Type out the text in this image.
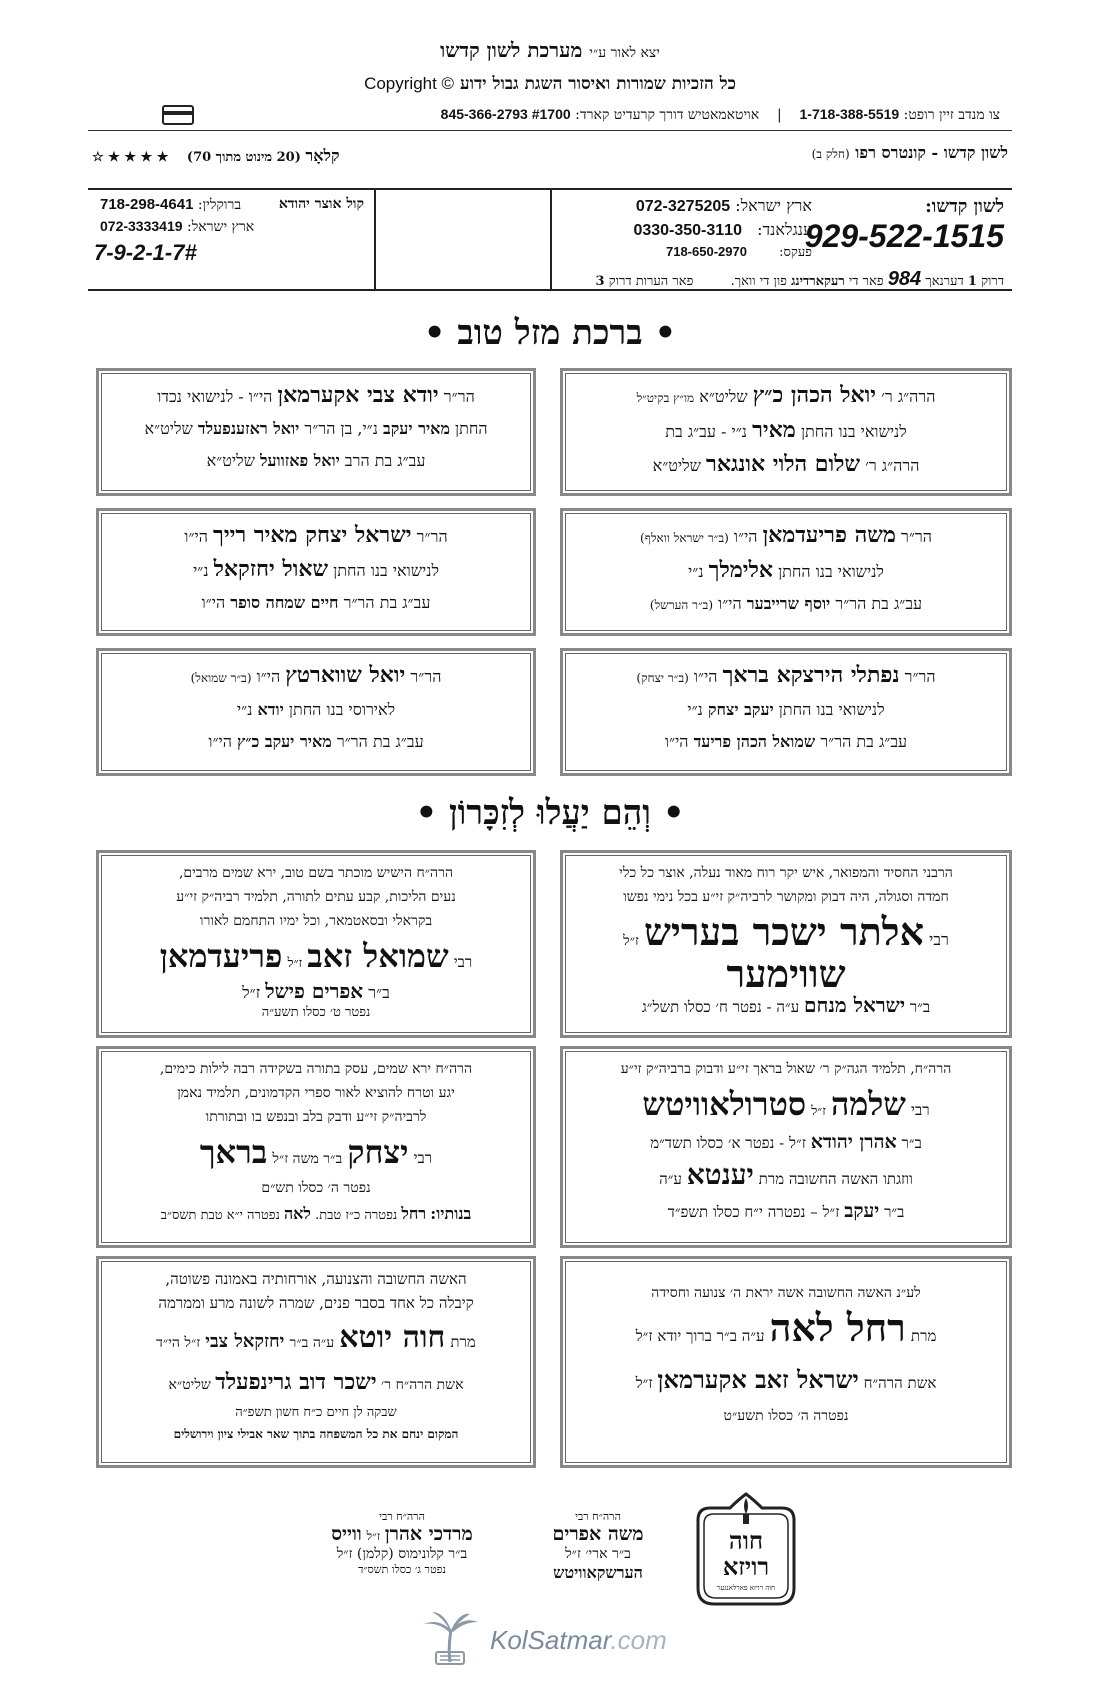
יצא לאור ע״י מערכת לשון קדשו
כל הזכיות שמורות ואיסור השגת גבול ידוע Copyright ©
צו מנדב זיין רופט: 1-718-388-5519    |    אויטאמאטיש דורך קרעדיט קארד: 845-366-2793 #1700
לשון קדשו - קונטרס רפו (חלק ב)
קלאָר (20 מינוט מתוך 70) ★ ★ ★ ★ ☆
לשון קדשו:
929-522-1515
ארץ ישראל: 072-3275205
ענגלאנד: 0330-350-3110
פעקס: 718-650-2970
דרוק 1 דערנאך 984 פאר די רעקארדינג פון די וואך.         פאר הערות דרוק 3
קול אוצר יהודא
ברוקלין: 718-298-4641
ארץ ישראל: 072-3333419
7-9-2-1-7#
• ברכת מזל טוב •
הרה״ג ר׳ יואל הכהן כ״ץ שליט״א מו״ץ בקיט״ל
לנישואי בנו החתן מאיר נ״י - עב״ג בת
הרה״ג ר׳ שלום הלוי אונגאר שליט״א
הר״ר יודא צבי אקערמאן הי״ו - לנישואי נכדו
החתן מאיר יעקב נ״י, בן הר״ר יואל ראזענפעלד שליט״א
עב״ג בת הרב יואל פאזוועל שליט״א
הר״ר משה פריעדמאן הי״ו (ב״ר ישראל וואלף)
לנישואי בנו החתן אלימלך נ״י
עב״ג בת הר״ר יוסף שרייבער הי״ו (ב״ר הערשל)
הר״ר ישראל יצחק מאיר רייך הי״ו
לנישואי בנו החתן שאול יחזקאל נ״י
עב״ג בת הר״ר חיים שמחה סופר הי״ו
הר״ר נפתלי הירצקא בראך הי״ו (ב״ר יצחק)
לנישואי בנו החתן יעקב יצחק נ״י
עב״ג בת הר״ר שמואל הכהן פריעד הי״ו
הר״ר יואל שווארטץ הי״ו (ב״ר שמואל)
לאירוסי בנו החתן יודא נ״י
עב״ג בת הר״ר מאיר יעקב כ״ץ הי״ו
• וְהֵם יַעֲלוּ לְזִכָּרוֹן •
הרבני החסיד והמפואר, איש יקר רוח מאוד נעלה, אוצר כל כלי
חמדה וסגולה, היה דבוק ומקושר לרביה״ק זי״ע בכל נימי נפשו
רבי אלתר ישכר בעריש ז״ל
שווימער
ב״ר ישראל מנחם ע״ה - נפטר ח׳ כסלו תשל״ג
הרה״ח הישיש מוכתר בשם טוב, ירא שמים מרבים,
נעים הליכות, קבע עתים לתורה, תלמיד רביה״ק זי״ע
בקראלי ובסאטמאר, וכל ימיו התחמם לאורו
רבי שמואל זאב ז״ל פריעדמאן
ב״ר אפרים פישל ז״ל
נפטר ט׳ כסלו תשע״ה
הרה״ח, תלמיד הגה״ק ר׳ שאול בראך זי״ע ודבוק ברביה״ק זי״ע
רבי שלמה ז״ל סטרולאוויטש
ב״ר אהרן יהודא ז״ל - נפטר א׳ כסלו תשד״מ
ווזגתו האשה החשובה מרת יענטא ע״ה
ב״ר יעקב ז״ל – נפטרה י״ח כסלו תשפ״ד
הרה״ח ירא שמים, עסק בתורה בשקידה רבה לילות כימים,
יגע וטרח להוציא לאור ספרי הקדמונים, תלמיד נאמן
לרביה״ק זי״ע ודבק בלב ובנפש בו ובתורתו
רבי יצחק ב״ר משה ז״ל בראך
נפטר ה׳ כסלו תש״ם
בנותיו: רחל נפטרה כ״ז טבת. לאה נפטרה י״א טבת תשס״ב
לע״נ האשה החשובה אשה יראת ה׳ צנועה וחסידה
מרת רחל לאה ע״ה ב״ר ברוך יודא ז״ל
אשת הרה״ח ישראל זאב אקערמאן ז״ל
נפטרה ה׳ כסלו תשע״ט
האשה החשובה והצנועה, אורחותיה באמונה פשוטה,
קיבלה כל אחד בסבר פנים, שמרה לשונה מרע וממרמה
מרת חוה יוטא ע״ה ב״ר יחזקאל צבי ז״ל הי״ד
אשת הרה״ח ר׳ ישכר דוב גרינפעלד שליט״א
שבקה לן חיים כ״ח חשון תשפ״ה
המקום ינחם את כל המשפחה בתוך שאר אבילי ציון וירושלים
הרה״ח רבי
משה אפרים
ב״ר ארי׳ ז״ל
הערשקאוויטש
הרה״ח רבי
מרדכי אהרן ז״ל ווייס
ב״ר קלונימוס (קלמן) ז״ל
נפטר ג׳ כסלו תשס״ד
חוה
רויזא
חוה רויזא פארלאנגער
KolSatmar.com
